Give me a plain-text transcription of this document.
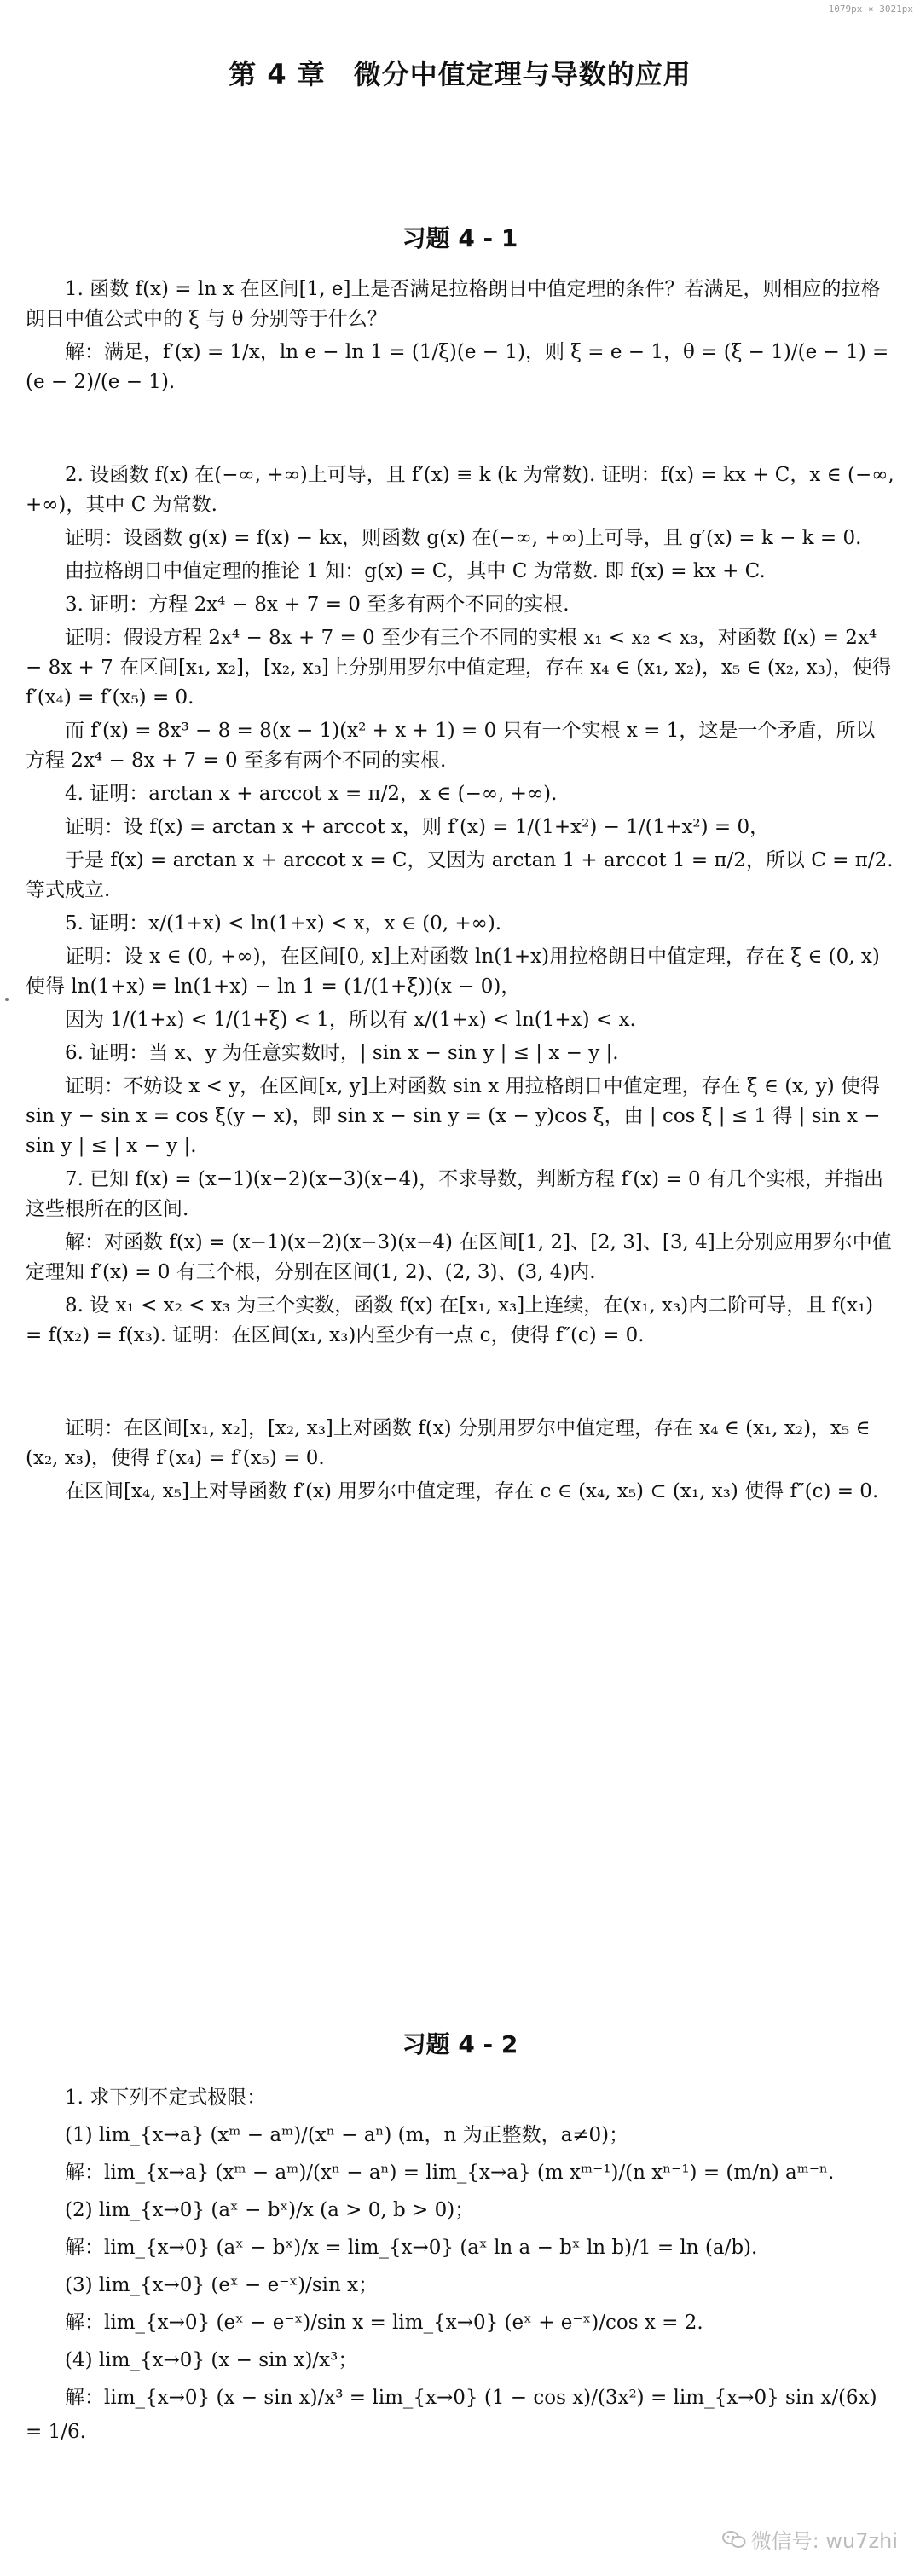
1079px × 3021px
第 4 章　微分中值定理与导数的应用
习题 4 - 1

1. 函数 f(x) = ln x 在区间[1, e]上是否满足拉格朗日中值定理的条件？若满足，则相应的拉格朗日中值公式中的 ξ 与 θ 分别等于什么？

解：满足，f′(x) = 1/x，ln e − ln 1 = (1/ξ)(e − 1)，则 ξ = e − 1，θ = (ξ − 1)/(e − 1) = (e − 2)/(e − 1).

2. 设函数 f(x) 在(−∞, +∞)上可导，且 f′(x) ≡ k (k 为常数). 证明：f(x) = kx + C，x ∈ (−∞, +∞)，其中 C 为常数.

证明：设函数 g(x) = f(x) − kx，则函数 g(x) 在(−∞, +∞)上可导，且 g′(x) = k − k = 0.

由拉格朗日中值定理的推论 1 知：g(x) = C，其中 C 为常数. 即 f(x) = kx + C.

3. 证明：方程 2x⁴ − 8x + 7 = 0 至多有两个不同的实根.

证明：假设方程 2x⁴ − 8x + 7 = 0 至少有三个不同的实根 x₁ < x₂ < x₃，对函数 f(x) = 2x⁴ − 8x + 7 在区间[x₁, x₂]，[x₂, x₃]上分别用罗尔中值定理，存在 x₄ ∈ (x₁, x₂)，x₅ ∈ (x₂, x₃)，使得 f′(x₄) = f′(x₅) = 0.

而 f′(x) = 8x³ − 8 = 8(x − 1)(x² + x + 1) = 0 只有一个实根 x = 1，这是一个矛盾，所以方程 2x⁴ − 8x + 7 = 0 至多有两个不同的实根.

4. 证明：arctan x + arccot x = π/2，x ∈ (−∞, +∞).

证明：设 f(x) = arctan x + arccot x，则 f′(x) = 1/(1+x²) − 1/(1+x²) = 0，

于是 f(x) = arctan x + arccot x = C，又因为 arctan 1 + arccot 1 = π/2，所以 C = π/2. 等式成立.

5. 证明：x/(1+x) < ln(1+x) < x，x ∈ (0, +∞).

证明：设 x ∈ (0, +∞)，在区间[0, x]上对函数 ln(1+x)用拉格朗日中值定理，存在 ξ ∈ (0, x) 使得 ln(1+x) = ln(1+x) − ln 1 = (1/(1+ξ))(x − 0)，

因为 1/(1+x) < 1/(1+ξ) < 1，所以有 x/(1+x) < ln(1+x) < x.

6. 证明：当 x、y 为任意实数时，| sin x − sin y | ≤ | x − y |.

证明：不妨设 x < y，在区间[x, y]上对函数 sin x 用拉格朗日中值定理，存在 ξ ∈ (x, y) 使得 sin y − sin x = cos ξ(y − x)，即 sin x − sin y = (x − y)cos ξ，由 | cos ξ | ≤ 1 得 | sin x − sin y | ≤ | x − y |.

7. 已知 f(x) = (x−1)(x−2)(x−3)(x−4)，不求导数，判断方程 f′(x) = 0 有几个实根，并指出这些根所在的区间.

解：对函数 f(x) = (x−1)(x−2)(x−3)(x−4) 在区间[1, 2]、[2, 3]、[3, 4]上分别应用罗尔中值定理知 f′(x) = 0 有三个根，分别在区间(1, 2)、(2, 3)、(3, 4)内.

8. 设 x₁ < x₂ < x₃ 为三个实数，函数 f(x) 在[x₁, x₃]上连续，在(x₁, x₃)内二阶可导，且 f(x₁) = f(x₂) = f(x₃). 证明：在区间(x₁, x₃)内至少有一点 c，使得 f″(c) = 0.

证明：在区间[x₁, x₂]，[x₂, x₃]上对函数 f(x) 分别用罗尔中值定理，存在 x₄ ∈ (x₁, x₂)，x₅ ∈ (x₂, x₃)，使得 f′(x₄) = f′(x₅) = 0.

在区间[x₄, x₅]上对导函数 f′(x) 用罗尔中值定理，存在 c ∈ (x₄, x₅) ⊂ (x₁, x₃) 使得 f″(c) = 0.

习题 4 - 2

1. 求下列不定式极限：

(1) lim_{x→a} (xᵐ − aᵐ)/(xⁿ − aⁿ) (m，n 为正整数，a≠0)；

解：lim_{x→a} (xᵐ − aᵐ)/(xⁿ − aⁿ) = lim_{x→a} (m xᵐ⁻¹)/(n xⁿ⁻¹) = (m/n) aᵐ⁻ⁿ.

(2) lim_{x→0} (aˣ − bˣ)/x (a > 0, b > 0)；

解：lim_{x→0} (aˣ − bˣ)/x = lim_{x→0} (aˣ ln a − bˣ ln b)/1 = ln (a/b).

(3) lim_{x→0} (eˣ − e⁻ˣ)/sin x；

解：lim_{x→0} (eˣ − e⁻ˣ)/sin x = lim_{x→0} (eˣ + e⁻ˣ)/cos x = 2.

(4) lim_{x→0} (x − sin x)/x³；

解：lim_{x→0} (x − sin x)/x³ = lim_{x→0} (1 − cos x)/(3x²) = lim_{x→0} sin x/(6x) = 1/6.

微信号: wu7zhi
